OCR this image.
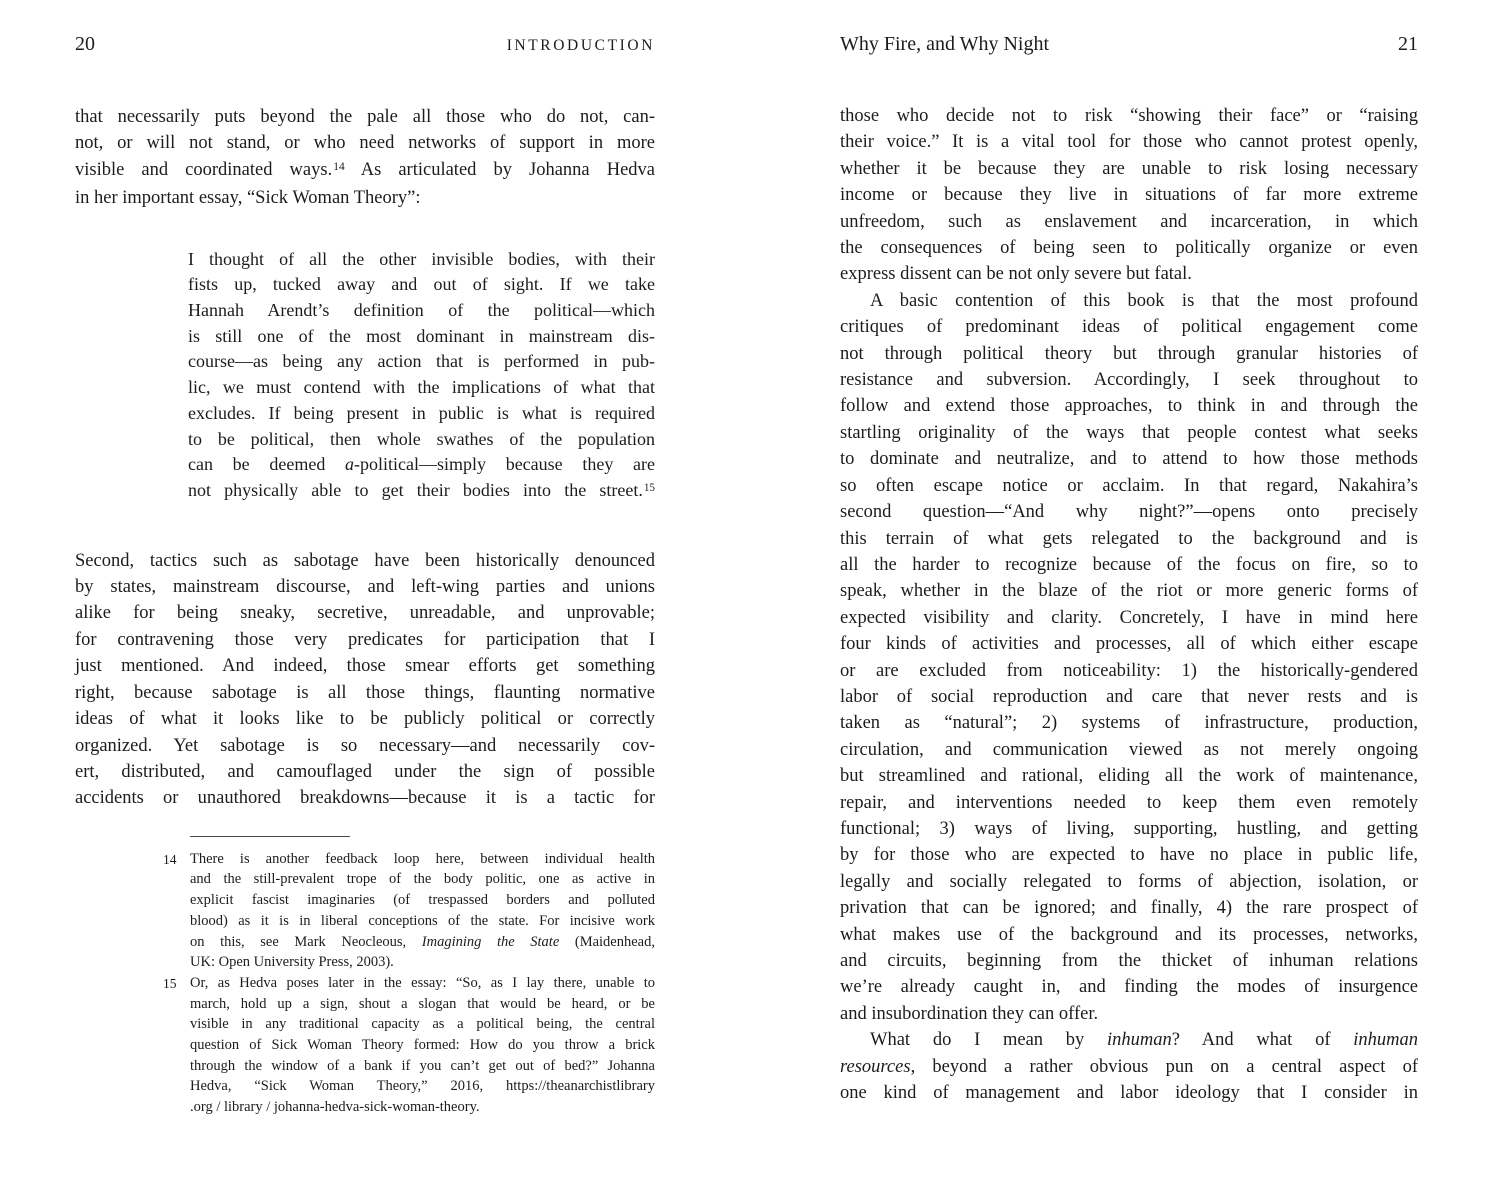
20	INTRODUCTION
that necessarily puts beyond the pale all those who do not, can-
not, or will not stand, or who need networks of support in more
visible and coordinated ways.$^{14}$ As articulated by Johanna Hedva
in her important essay, “Sick Woman Theory”:
I thought of all the other invisible bodies, with their
fists up, tucked away and out of sight. If we take
Hannah Arendt’s definition of the political—which
is still one of the most dominant in mainstream dis-
course—as being any action that is performed in pub-
lic, we must contend with the implications of what that
excludes. If being present in public is what is required
to be political, then whole swathes of the population
can be deemed a-political—simply because they are
not physically able to get their bodies into the street.$^{15}$
Second, tactics such as sabotage have been historically denounced
by states, mainstream discourse, and left-wing parties and unions
alike for being sneaky, secretive, unreadable, and unprovable;
for contravening those very predicates for participation that I
just mentioned. And indeed, those smear efforts get something
right, because sabotage is all those things, flaunting normative
ideas of what it looks like to be publicly political or correctly
organized. Yet sabotage is so necessary—and necessarily cov-
ert, distributed, and camouflaged under the sign of possible
accidents or unauthored breakdowns—because it is a tactic for
14 There is another feedback loop here, between individual health
and the still-prevalent trope of the body politic, one as active in
explicit fascist imaginaries (of trespassed borders and polluted
blood) as it is in liberal conceptions of the state. For incisive work
on this, see Mark Neocleous, Imagining the State (Maidenhead,
UK: Open University Press, 2003).
15 Or, as Hedva poses later in the essay: “So, as I lay there, unable to
march, hold up a sign, shout a slogan that would be heard, or be
visible in any traditional capacity as a political being, the central
question of Sick Woman Theory formed: How do you throw a brick
through the window of a bank if you can’t get out of bed?” Johanna
Hedva, “Sick Woman Theory,” 2016, https://theanarchistlibrary
.org / library / johanna-hedva-sick-woman-theory.
Why Fire, and Why Night	21
those who decide not to risk “showing their face” or “raising
their voice.” It is a vital tool for those who cannot protest openly,
whether it be because they are unable to risk losing necessary
income or because they live in situations of far more extreme
unfreedom, such as enslavement and incarceration, in which
the consequences of being seen to politically organize or even
express dissent can be not only severe but fatal.
A basic contention of this book is that the most profound
critiques of predominant ideas of political engagement come
not through political theory but through granular histories of
resistance and subversion. Accordingly, I seek throughout to
follow and extend those approaches, to think in and through the
startling originality of the ways that people contest what seeks
to dominate and neutralize, and to attend to how those methods
so often escape notice or acclaim. In that regard, Nakahira’s
second question—“And why night?”—opens onto precisely
this terrain of what gets relegated to the background and is
all the harder to recognize because of the focus on fire, so to
speak, whether in the blaze of the riot or more generic forms of
expected visibility and clarity. Concretely, I have in mind here
four kinds of activities and processes, all of which either escape
or are excluded from noticeability: 1) the historically-gendered
labor of social reproduction and care that never rests and is
taken as “natural”; 2) systems of infrastructure, production,
circulation, and communication viewed as not merely ongoing
but streamlined and rational, eliding all the work of maintenance,
repair, and interventions needed to keep them even remotely
functional; 3) ways of living, supporting, hustling, and getting
by for those who are expected to have no place in public life,
legally and socially relegated to forms of abjection, isolation, or
privation that can be ignored; and finally, 4) the rare prospect of
what makes use of the background and its processes, networks,
and circuits, beginning from the thicket of inhuman relations
we’re already caught in, and finding the modes of insurgence
and insubordination they can offer.
What do I mean by inhuman? And what of inhuman
resources, beyond a rather obvious pun on a central aspect of
one kind of management and labor ideology that I consider in
